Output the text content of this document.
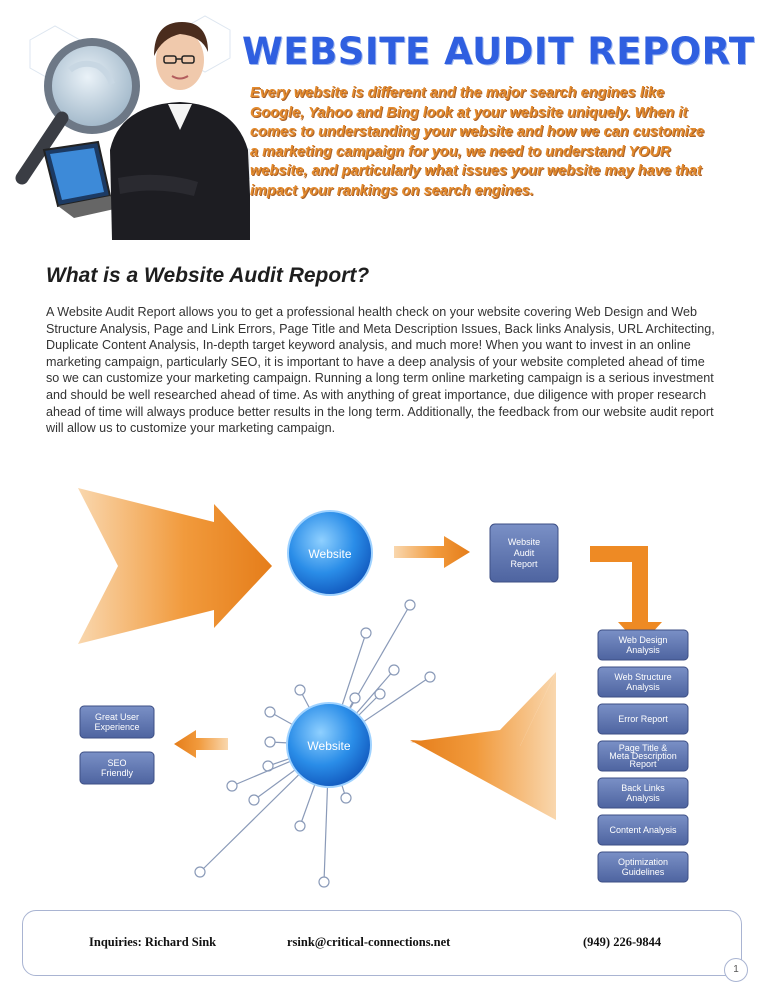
WEBSITE AUDIT REPORT
Every website is different and the major search engines like Google, Yahoo and Bing look at your website uniquely. When it comes to understanding your website and how we can customize a marketing campaign for you, we need to understand YOUR website, and particularly what issues your website may have that impact your rankings on search engines.
What is a Website Audit Report?
A Website Audit Report allows you to get a professional health check on your website covering Web Design and Web Structure Analysis, Page and Link Errors, Page Title and Meta Description Issues, Back links Analysis, URL Architecting, Duplicate Content Analysis, In-depth target keyword analysis, and much more! When you want to invest in an online marketing campaign, particularly SEO, it is important to have a deep analysis of your website completed ahead of time so we can customize your marketing campaign. Running a long term online marketing campaign is a serious investment and should be well researched ahead of time. As with anything of great importance, due diligence with proper research ahead of time will always produce better results in the long term. Additionally, the feedback from our website audit report will allow us to customize your marketing campaign.
Website
Website Audit Report
Web Design Analysis
Web Structure Analysis
Error Report
Page Title & Meta Description Report
Back Links Analysis
Content Analysis
Optimization Guidelines
Website
Great User Experience
SEO Friendly
Inquiries: Richard Sink	rsink@critical-connections.net	(949) 226-9844
1
